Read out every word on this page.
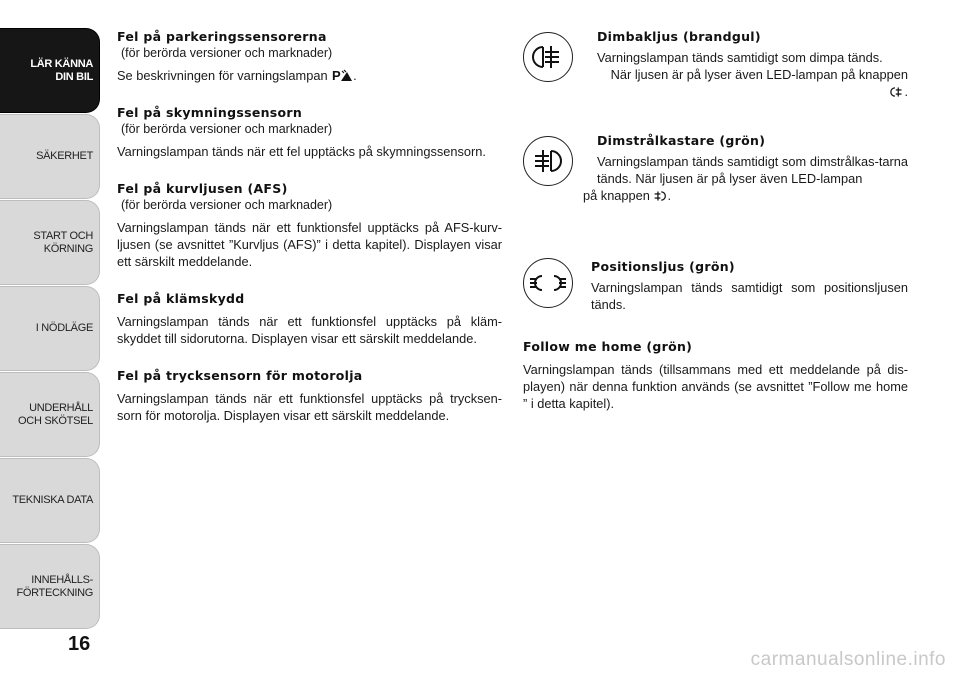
LÄR KÄNNA
DIN BIL
SÄKERHET
START OCH
KÖRNING
I NÖDLÄGE
UNDERHÅLL
OCH SKÖTSEL
TEKNISKA DATA
INNEHÅLLS-
FÖRTECKNING
16
Fel på parkeringssensorerna
(för berörda versioner och marknader)

Se beskrivningen för varningslampan P .

Fel på skymningssensorn
(för berörda versioner och marknader)

Varningslampan tänds när ett fel upptäcks på skymningssensorn.

Fel på kurvljusen (AFS)
(för berörda versioner och marknader)

Varningslampan tänds när ett funktionsfel upptäcks på AFS-kurv-ljusen (se avsnittet ”Kurvljus (AFS)” i detta kapitel). Displayen visar ett särskilt meddelande.

Fel på klämskydd

Varningslampan tänds när ett funktionsfel upptäcks på kläm-skyddet till sidorutorna. Displayen visar ett särskilt meddelande.

Fel på trycksensorn för motorolja

Varningslampan tänds när ett funktionsfel upptäcks på trycksen-sorn för motorolja. Displayen visar ett särskilt meddelande.

Dimbakljus (brandgul)

Varningslampan tänds samtidigt som dimpa tänds.

När ljusen är på lyser även LED-lampan på knappen .

Dimstrålkastare (grön)

Varningslampan tänds samtidigt som dimstrålkas-tarna tänds. När ljusen är på lyser även LED-lampan

på knappen .

Positionsljus (grön)

Varningslampan tänds samtidigt som positionsljusen tänds.

Follow me home (grön)

Varningslampan tänds (tillsammans med ett meddelande på dis-playen) när denna funktion används (se avsnittet ”Follow me home ” i detta kapitel).

carmanualsonline.info
